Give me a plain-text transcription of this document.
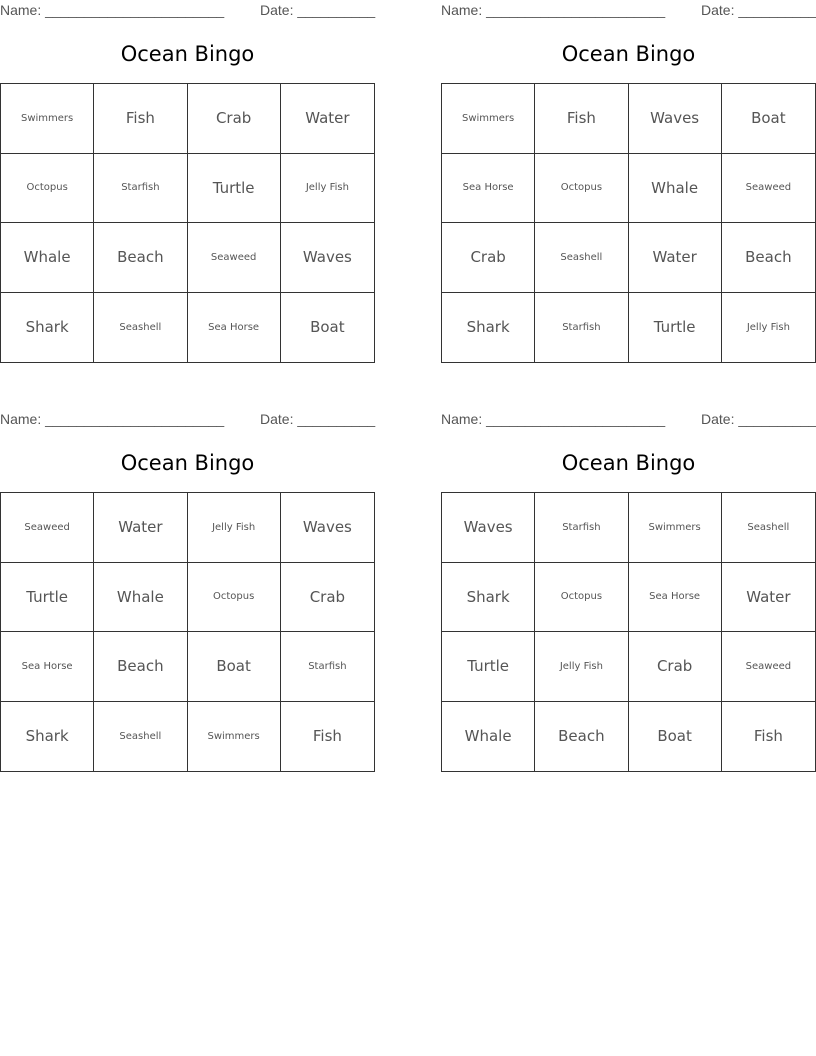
Name: _______________________	Date: __________
Ocean Bingo
Swimmers	Fish	Crab	Water
Octopus	Starfish	Turtle	Jelly Fish
Whale	Beach	Seaweed	Waves
Shark	Seashell	Sea Horse	Boat
Name: _______________________	Date: __________
Ocean Bingo
Swimmers	Fish	Waves	Boat
Sea Horse	Octopus	Whale	Seaweed
Crab	Seashell	Water	Beach
Shark	Starfish	Turtle	Jelly Fish
Name: _______________________	Date: __________
Ocean Bingo
Seaweed	Water	Jelly Fish	Waves
Turtle	Whale	Octopus	Crab
Sea Horse	Beach	Boat	Starfish
Shark	Seashell	Swimmers	Fish
Name: _______________________	Date: __________
Ocean Bingo
Waves	Starfish	Swimmers	Seashell
Shark	Octopus	Sea Horse	Water
Turtle	Jelly Fish	Crab	Seaweed
Whale	Beach	Boat	Fish
